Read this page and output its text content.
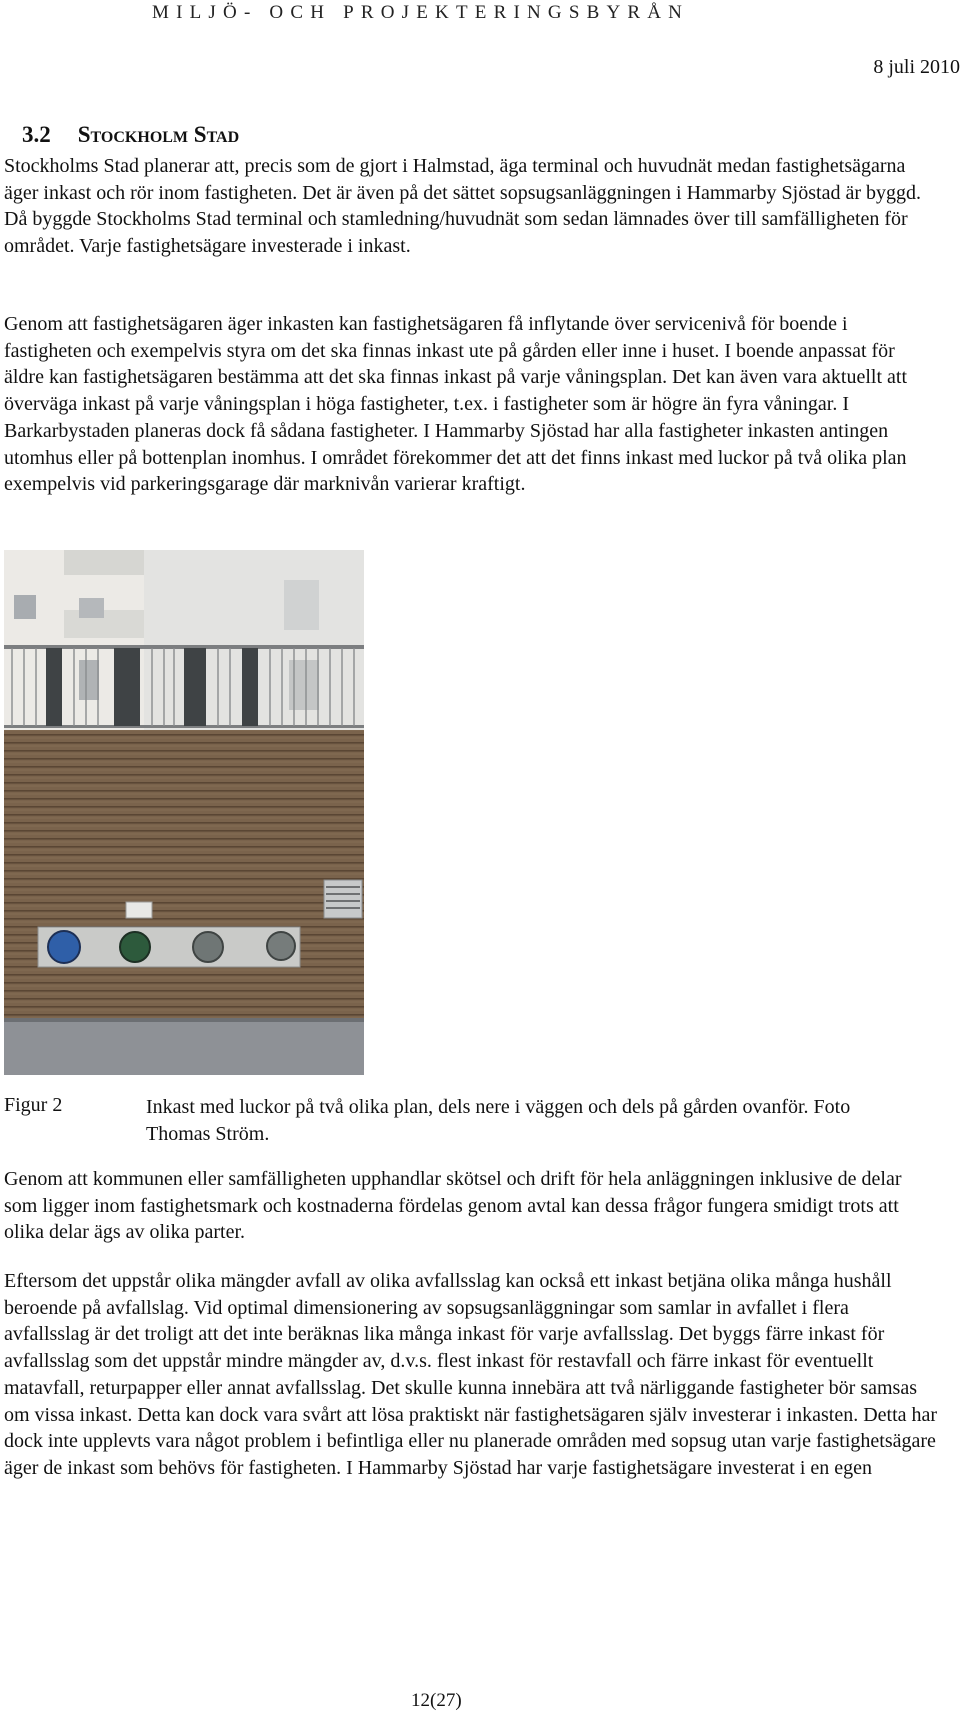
MILJÖ- OCH PROJEKTERINGSBYRÅN
8 juli 2010
3.2 Stockholm Stad

Stockholms Stad planerar att, precis som de gjort i Halmstad, äga terminal och huvudnät medan fastighetsägarna äger inkast och rör inom fastigheten. Det är även på det sättet sopsugsanläggningen i Hammarby Sjöstad är byggd. Då byggde Stockholms Stad terminal och stamledning/huvudnät som sedan lämnades över till samfälligheten för området. Varje fastighetsägare investerade i inkast.

Genom att fastighetsägaren äger inkasten kan fastighetsägaren få inflytande över servicenivå för boende i fastigheten och exempelvis styra om det ska finnas inkast ute på gården eller inne i huset. I boende anpassat för äldre kan fastighetsägaren bestämma att det ska finnas inkast på varje våningsplan. Det kan även vara aktuellt att överväga inkast på varje våningsplan i höga fastigheter, t.ex. i fastigheter som är högre än fyra våningar. I Barkarbystaden planeras dock få sådana fastigheter. I Hammarby Sjöstad har alla fastigheter inkasten antingen utomhus eller på bottenplan inomhus. I området förekommer det att det finns inkast med luckor på två olika plan exempelvis vid parkeringsgarage där marknivån varierar kraftigt.

Figur 2	Inkast med luckor på två olika plan, dels nere i väggen och dels på gården ovanför. Foto Thomas Ström.

Genom att kommunen eller samfälligheten upphandlar skötsel och drift för hela anläggningen inklusive de delar som ligger inom fastighetsmark och kostnaderna fördelas genom avtal kan dessa frågor fungera smidigt trots att olika delar ägs av olika parter.

Eftersom det uppstår olika mängder avfall av olika avfallsslag kan också ett inkast betjäna olika många hushåll beroende på avfallslag. Vid optimal dimensionering av sopsugsanläggningar som samlar in avfallet i flera avfallsslag är det troligt att det inte beräknas lika många inkast för varje avfallsslag. Det byggs färre inkast för avfallsslag som det uppstår mindre mängder av, d.v.s. flest inkast för restavfall och färre inkast för eventuellt matavfall, returpapper eller annat avfallsslag. Det skulle kunna innebära att två närliggande fastigheter bör samsas om vissa inkast. Detta kan dock vara svårt att lösa praktiskt när fastighetsägaren själv investerar i inkasten. Detta har dock inte upplevts vara något problem i befintliga eller nu planerade områden med sopsug utan varje fastighetsägare äger de inkast som behövs för fastigheten. I Hammarby Sjöstad har varje fastighetsägare investerat i en egen

12(27)
